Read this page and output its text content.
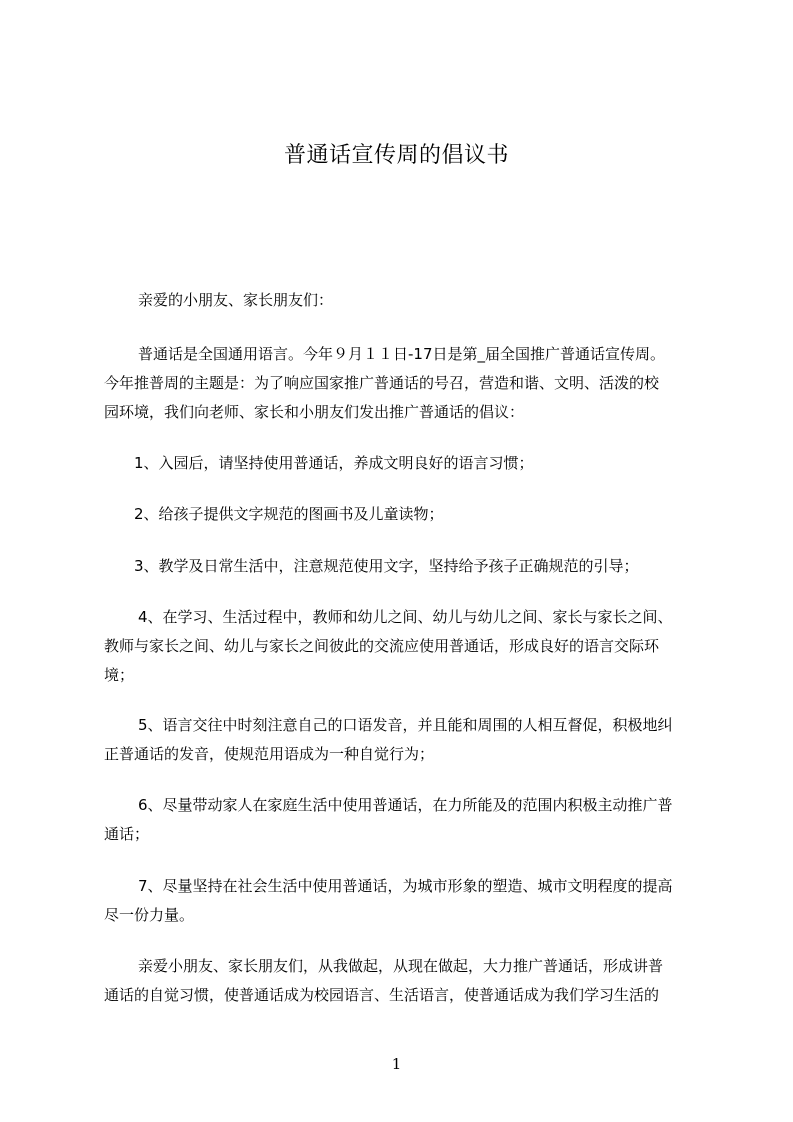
普通话宣传周的倡议书
亲爱的小朋友、家长朋友们：
普通话是全国通用语言。今年９月１１日-17日是第_届全国推广普通话宣传周。
今年推普周的主题是：为了响应国家推广普通话的号召，营造和谐、文明、活泼的校
园环境，我们向老师、家长和小朋友们发出推广普通话的倡议：
1、入园后，请坚持使用普通话，养成文明良好的语言习惯；
2、给孩子提供文字规范的图画书及儿童读物；
3、教学及日常生活中，注意规范使用文字，坚持给予孩子正确规范的引导；
4、在学习、生活过程中，教师和幼儿之间、幼儿与幼儿之间、家长与家长之间、
教师与家长之间、幼儿与家长之间彼此的交流应使用普通话，形成良好的语言交际环
境；
5、语言交往中时刻注意自己的口语发音，并且能和周围的人相互督促，积极地纠
正普通话的发音，使规范用语成为一种自觉行为；
6、尽量带动家人在家庭生活中使用普通话，在力所能及的范围内积极主动推广普
通话；
7、尽量坚持在社会生活中使用普通话，为城市形象的塑造、城市文明程度的提高
尽一份力量。
亲爱小朋友、家长朋友们，从我做起，从现在做起，大力推广普通话，形成讲普
通话的自觉习惯，使普通话成为校园语言、生活语言，使普通话成为我们学习生活的
1
